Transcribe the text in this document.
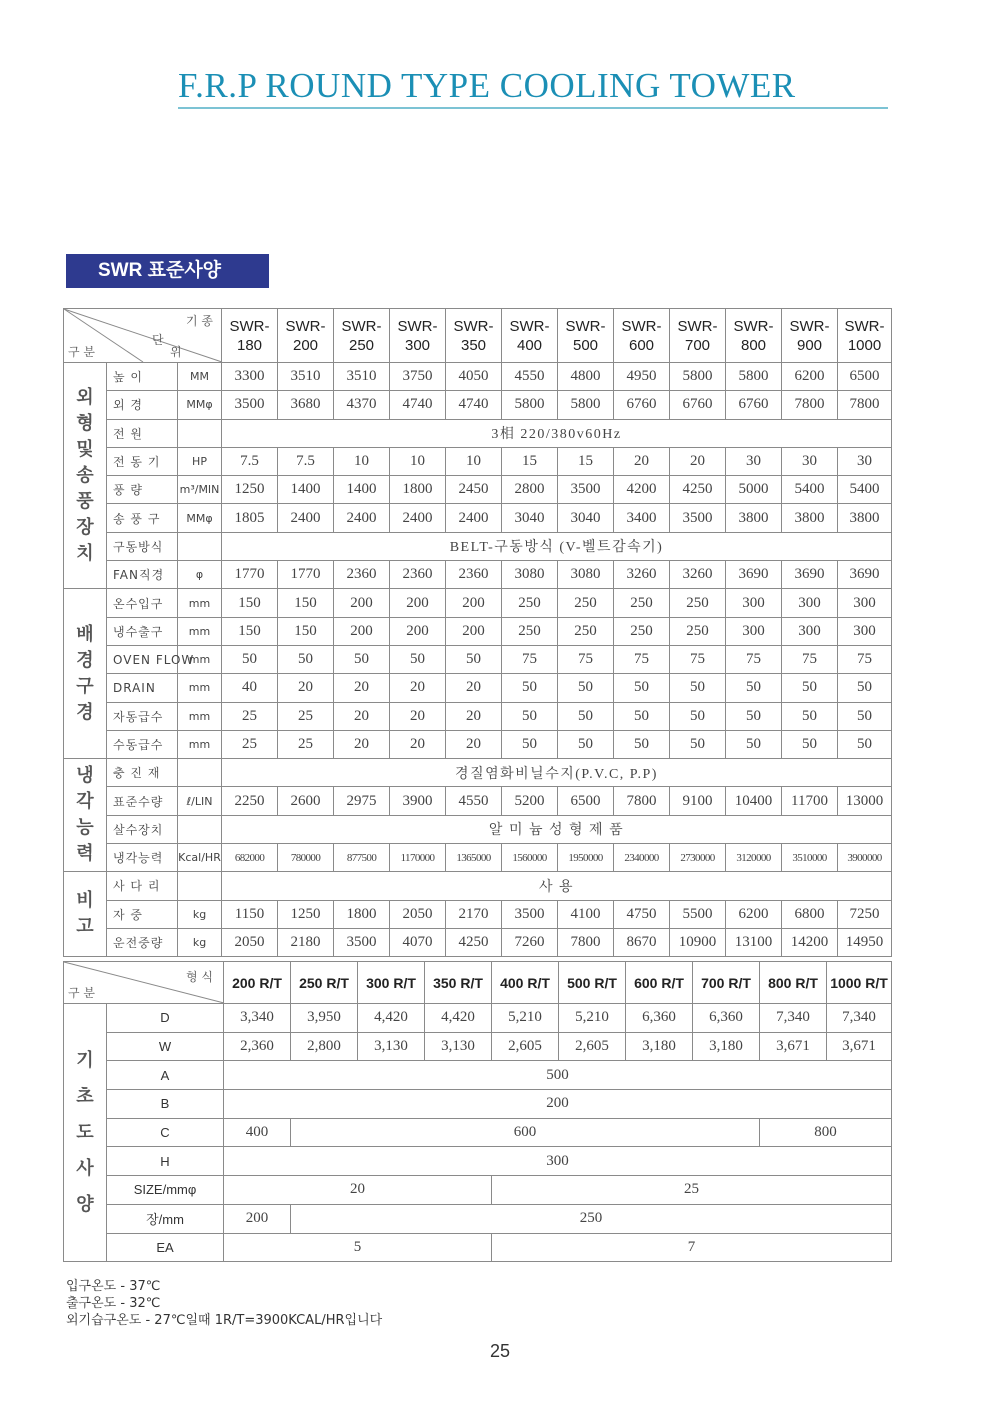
F.R.P ROUND TYPE COOLING TOWER
SWR 표준사양
기 종
단
위
구 분			SWR-180	SWR-200	SWR-250	SWR-300	SWR-350	SWR-400	SWR-500	SWR-600	SWR-700	SWR-800	SWR-900	SWR-1000

외형및송풍장치	높 이	MM	3300	3510	3510	3750	4050	4550	4800	4950	5800	5800	6200	6500
	외 경	MMφ	3500	3680	4370	4740	4740	5800	5800	6760	6760	6760	7800	7800
	전 원		3相 220/380v60Hz											
	전 동 기	HP	7.5	7.5	10	10	10	15	15	20	20	30	30	30
	풍 량	m³/MIN	1250	1400	1400	1800	2450	2800	3500	4200	4250	5000	5400	5400
	송 풍 구	MMφ	1805	2400	2400	2400	2400	3040	3040	3400	3500	3800	3800	3800
	구동방식		BELT-구동방식 (V-벨트감속기)											
	FAN직경	φ	1770	1770	2360	2360	2360	3080	3080	3260	3260	3690	3690	3690

배경구경	온수입구	mm	150	150	200	200	200	250	250	250	250	300	300	300
	냉수출구	mm	150	150	200	200	200	250	250	250	250	300	300	300
	OVEN FLOW	mm	50	50	50	50	50	75	75	75	75	75	75	75
	DRAIN	mm	40	20	20	20	20	50	50	50	50	50	50	50
	자동급수	mm	25	25	20	20	20	50	50	50	50	50	50	50
	수동급수	mm	25	25	20	20	20	50	50	50	50	50	50	50

냉각능력	충 진 재		경질염화비닐수지(P.V.C, P.P)											
	표준수량	ℓ/LIN	2250	2600	2975	3900	4550	5200	6500	7800	9100	10400	11700	13000
	살수장치		알 미 늄 성 형 제 품											
	냉각능력	Kcal/HR	682000	780000	877500	1170000	1365000	1560000	1950000	2340000	2730000	3120000	3510000	3900000

비고	사 다 리		사 용											
	자 중	kg	1150	1250	1800	2050	2170	3500	4100	4750	5500	6200	6800	7250
	운전중량	kg	2050	2180	3500	4070	4250	7260	7800	8670	10900	13100	14200	14950
형 식
구 분		200 R/T	250 R/T	300 R/T	350 R/T	400 R/T	500 R/T	600 R/T	700 R/T	800 R/T	1000 R/T

기초도사양	D	3,340	3,950	4,420	4,420	5,210	5,210	6,360	6,360	7,340	7,340
	W	2,360	2,800	3,130	3,130	2,605	2,605	3,180	3,180	3,671	3,671
	A	500									
	B	200									
	C	400	600							800	
	H	300									
	SIZE/mmφ	20				25					
	장/mm	200	250								
	EA	5				7					
입구온도 - 37℃
출구온도 - 32℃
외기습구온도 - 27℃일때 1R/T=3900KCAL/HR입니다
25
